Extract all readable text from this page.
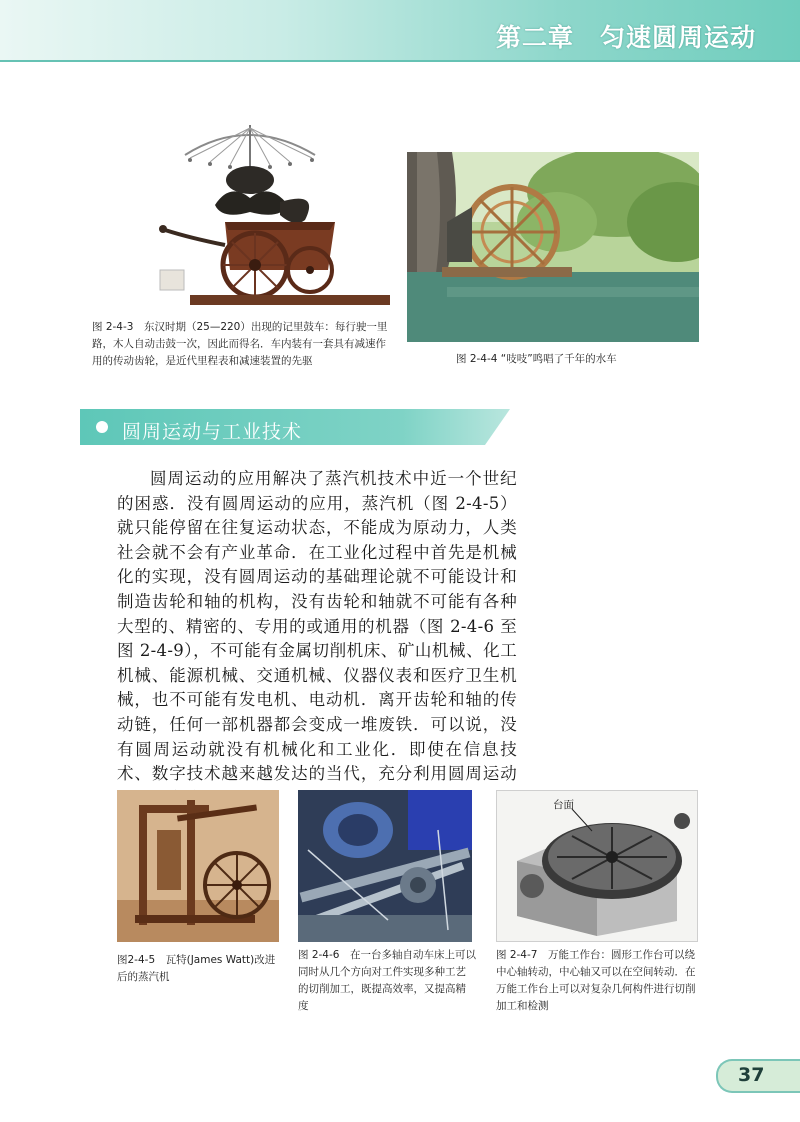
第二章 匀速圆周运动
图 2-4-3　东汉时期（25—220）出现的记里鼓车：每行驶一里路，木人自动击鼓一次，因此而得名．车内装有一套具有减速作用的传动齿轮，是近代里程表和减速装置的先驱	图 2-4-4 “吱吱”鸣唱了千年的水车
圆周运动与工业技术
圆周运动的应用解决了蒸汽机技术中近一个世纪的困惑．没有圆周运动的应用，蒸汽机（图 2-4-5）就只能停留在往复运动状态，不能成为原动力，人类社会就不会有产业革命．在工业化过程中首先是机械化的实现，没有圆周运动的基础理论就不可能设计和制造齿轮和轴的机构，没有齿轮和轴就不可能有各种大型的、精密的、专用的或通用的机器（图 2-4-6 至图 2-4-9），不可能有金属切削机床、矿山机械、化工机械、能源机械、交通机械、仪器仪表和医疗卫生机械，也不可能有发电机、电动机．离开齿轮和轴的传动链，任何一部机器都会变成一堆废铁．可以说，没有圆周运动就没有机械化和工业化．即使在信息技术、数字技术越来越发达的当代，充分利用圆周运动
图2-4-5　瓦特(James Watt)改进后的蒸汽机
图 2-4-6　在一台多轴自动车床上可以同时从几个方向对工件实现多种工艺的切削加工，既提高效率，又提高精度
台面
图 2-4-7　万能工作台：圆形工作台可以绕中心轴转动，中心轴又可以在空间转动．在万能工作台上可以对复杂几何构件进行切削加工和检测
37
